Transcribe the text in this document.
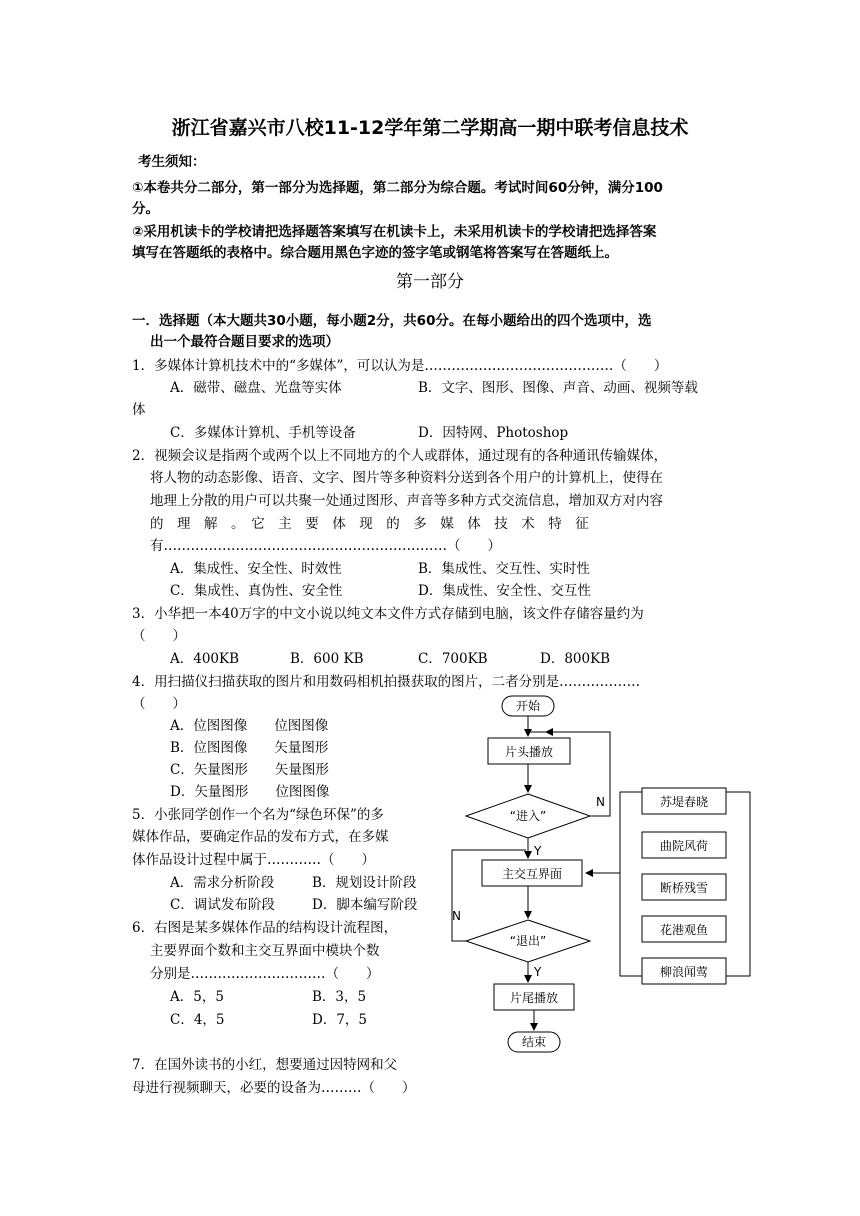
浙江省嘉兴市八校11-12学年第二学期高一期中联考信息技术
考生须知：
①本卷共分二部分，第一部分为选择题，第二部分为综合题。考试时间60分钟，满分100
分。
②采用机读卡的学校请把选择题答案填写在机读卡上，未采用机读卡的学校请把选择答案
填写在答题纸的表格中。综合题用黑色字迹的签字笔或钢笔将答案写在答题纸上。
第一部分
一．选择题（本大题共30小题，每小题2分，共60分。在每小题给出的四个选项中，选
出一个最符合题目要求的选项）
1．多媒体计算机技术中的“多媒体”，可以认为是……………………………………（　　）
A．磁带、磁盘、光盘等实体	B．文字、图形、图像、声音、动画、视频等载
体
C．多媒体计算机、手机等设备	D．因特网、Photoshop
2．视频会议是指两个或两个以上不同地方的个人或群体，通过现有的各种通讯传输媒体，
将人物的动态影像、语音、文字、图片等多种资料分送到各个用户的计算机上，使得在
地理上分散的用户可以共聚一处通过图形、声音等多种方式交流信息，增加双方对内容
的　理　解　。　它　主　要　体　现　的　多　媒　体　技　术　特　征
有………………………………………………………（　　）
A．集成性、安全性、时效性	B．集成性、交互性、实时性
C．集成性、真伪性、安全性	D．集成性、安全性、交互性
3．小华把一本40万字的中文小说以纯文本文件方式存储到电脑，该文件存储容量约为
（　　）
A．400KB	B．600 KB	C．700KB	D．800KB
4．用扫描仪扫描获取的图片和用数码相机拍摄获取的图片，二者分别是………………
（　　）
A．位图图像　　位图图像
B．位图图像　　矢量图形
C．矢量图形　　矢量图形
D．矢量图形　　位图图像
5．小张同学创作一个名为“绿色环保”的多
媒体作品，要确定作品的发布方式，在多媒
体作品设计过程中属于…………（　　）
A．需求分析阶段	B．规划设计阶段
C．调试发布阶段	D．脚本编写阶段
6．右图是某多媒体作品的结构设计流程图，
主要界面个数和主交互界面中模块个数
分别是…………………………（　　）
A．5，5	B．3，5
C．4，5	D．7，5
7．在国外读书的小红，想要通过因特网和父
母进行视频聊天，必要的设备为………（　　）
开始
片头播放
“进入”
主交互界面
“退出”
片尾播放
结束
Y
N
Y
N
苏堤春晓
曲院风荷
断桥残雪
花港观鱼
柳浪闻莺
